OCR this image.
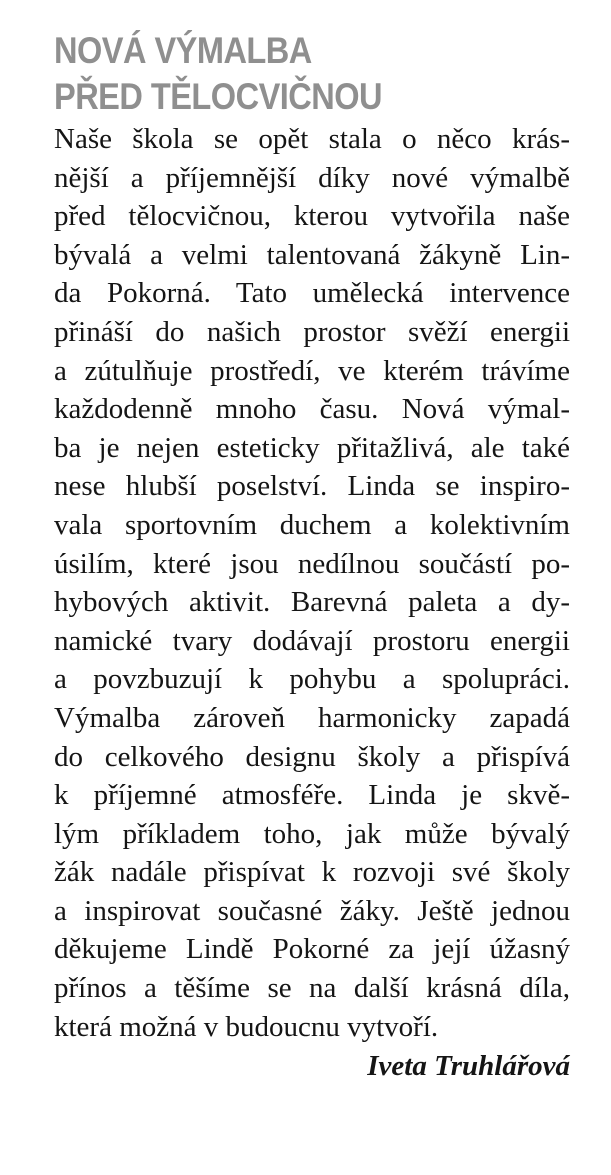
NOVÁ VÝMALBA
PŘED TĚLOCVIČNOU
Naše škola se opět stala o něco krás-
nější a příjemnější díky nové výmalbě
před tělocvičnou, kterou vytvořila naše
bývalá a velmi talentovaná žákyně Lin-
da Pokorná. Tato umělecká intervence
přináší do našich prostor svěží energii
a zútulňuje prostředí, ve kterém trávíme
každodenně mnoho času. Nová výmal-
ba je nejen esteticky přitažlivá, ale také
nese hlubší poselství. Linda se inspiro-
vala sportovním duchem a kolektivním
úsilím, které jsou nedílnou součástí po-
hybových aktivit. Barevná paleta a dy-
namické tvary dodávají prostoru energii
a povzbuzují k pohybu a spolupráci.
Výmalba zároveň harmonicky zapadá
do celkového designu školy a přispívá
k příjemné atmosféře. Linda je skvě-
lým příkladem toho, jak může bývalý
žák nadále přispívat k rozvoji své školy
a inspirovat současné žáky. Ještě jednou
děkujeme Lindě Pokorné za její úžasný
přínos a těšíme se na další krásná díla,
která možná v budoucnu vytvoří.

Iveta Truhlářová
